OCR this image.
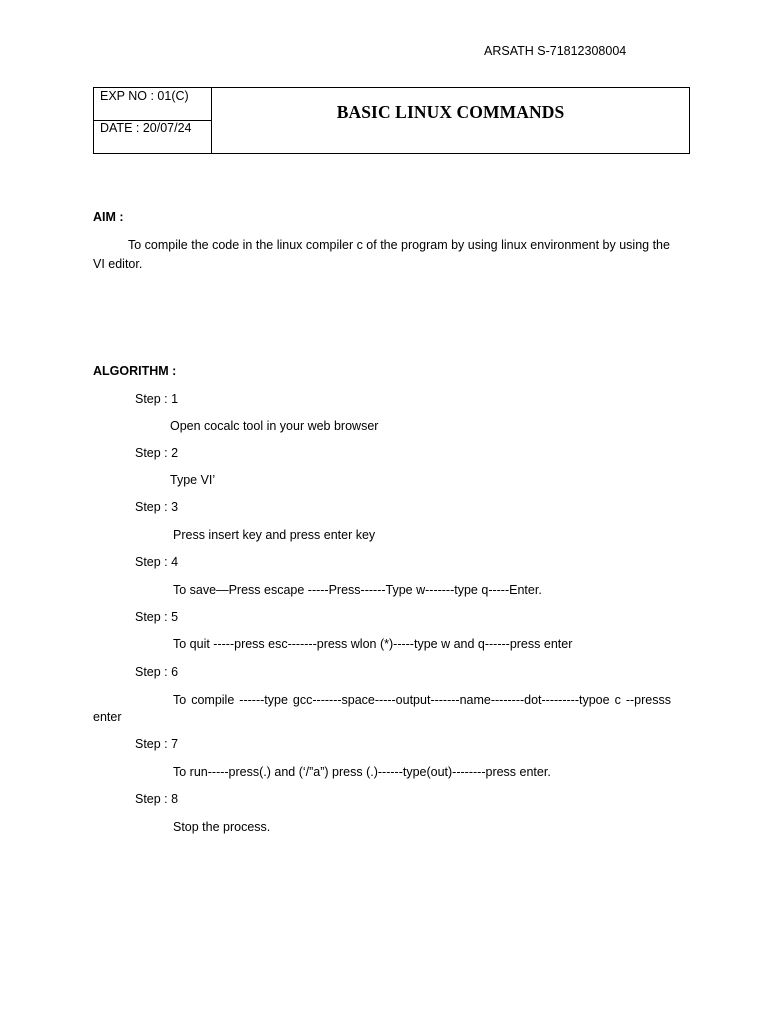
ARSATH S-71812308004
EXP NO : 01(C)
DATE : 20/07/24
BASIC LINUX COMMANDS
AIM :
To compile the code in the linux compiler c of the program by using linux environment by using the VI editor.
ALGORITHM :
Step : 1
Open cocalc tool in your web browser
Step : 2
Type VI’
Step : 3
Press insert key and press enter key
Step : 4
To save—Press escape -----Press------Type w-------type q-----Enter.
Step : 5
To quit -----press esc-------press wlon (*)-----type w and q------press enter
Step : 6
To compile ------type gcc-------space-----output-------name--------dot---------typoe c --presss enter
Step : 7
To run-----press(.) and (‘/”a”) press (.)------type(out)--------press enter.
Step : 8
Stop the process.
